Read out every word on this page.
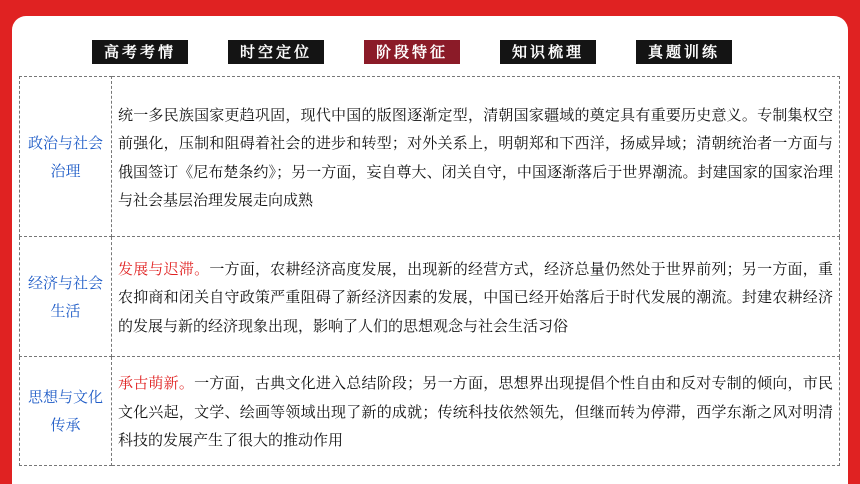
高考考情	时空定位	阶段特征	知识梳理	真题训练
政治与社会治理	统一多民族国家更趋巩固，现代中国的版图逐渐定型，清朝国家疆域的奠定具有重要历史意义。专制集权空前强化，压制和阻碍着社会的进步和转型；对外关系上，明朝郑和下西洋，扬威异域；清朝统治者一方面与俄国签订《尼布楚条约》；另一方面，妄自尊大、闭关自守，中国逐渐落后于世界潮流。封建国家的国家治理与社会基层治理发展走向成熟
经济与社会生活	发展与迟滞。一方面，农耕经济高度发展，出现新的经营方式，经济总量仍然处于世界前列；另一方面，重农抑商和闭关自守政策严重阻碍了新经济因素的发展，中国已经开始落后于时代发展的潮流。封建农耕经济的发展与新的经济现象出现，影响了人们的思想观念与社会生活习俗
思想与文化传承	承古萌新。一方面，古典文化进入总结阶段；另一方面，思想界出现提倡个性自由和反对专制的倾向，市民文化兴起，文学、绘画等领域出现了新的成就；传统科技依然领先，但继而转为停滞，西学东渐之风对明清科技的发展产生了很大的推动作用
